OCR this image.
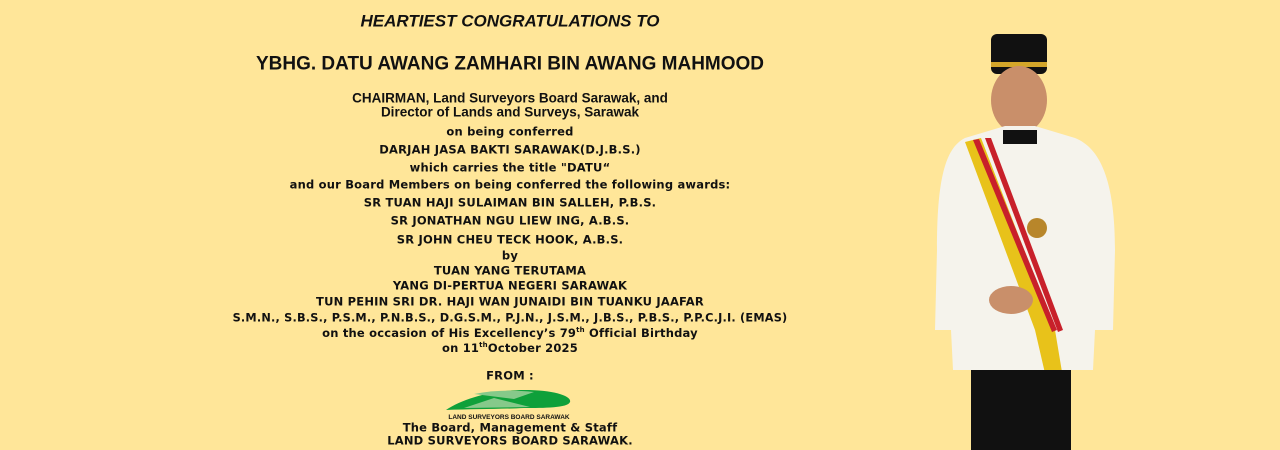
HEARTIEST CONGRATULATIONS TO
YBHG. DATU AWANG ZAMHARI BIN AWANG MAHMOOD
CHAIRMAN, Land Surveyors Board Sarawak, and
Director of Lands and Surveys, Sarawak
on being conferred
DARJAH JASA BAKTI SARAWAK(D.J.B.S.)
which carries the title "DATU“
and our Board Members on being conferred the following awards:
SR TUAN HAJI SULAIMAN BIN SALLEH, P.B.S.
SR JONATHAN NGU LIEW ING, A.B.S.
SR JOHN CHEU TECK HOOK, A.B.S.
by
TUAN YANG TERUTAMA
YANG DI-PERTUA NEGERI SARAWAK
TUN PEHIN SRI DR. HAJI WAN JUNAIDI BIN TUANKU JAAFAR
S.M.N., S.B.S., P.S.M., P.N.B.S., D.G.S.M., P.J.N., J.S.M., J.B.S., P.B.S., P.P.C.J.I. (EMAS)
on the occasion of His Excellency’s 79th Official Birthday
on 11thOctober 2025
FROM :
LAND SURVEYORS BOARD SARAWAK
The Board, Management & Staff
LAND SURVEYORS BOARD SARAWAK.
